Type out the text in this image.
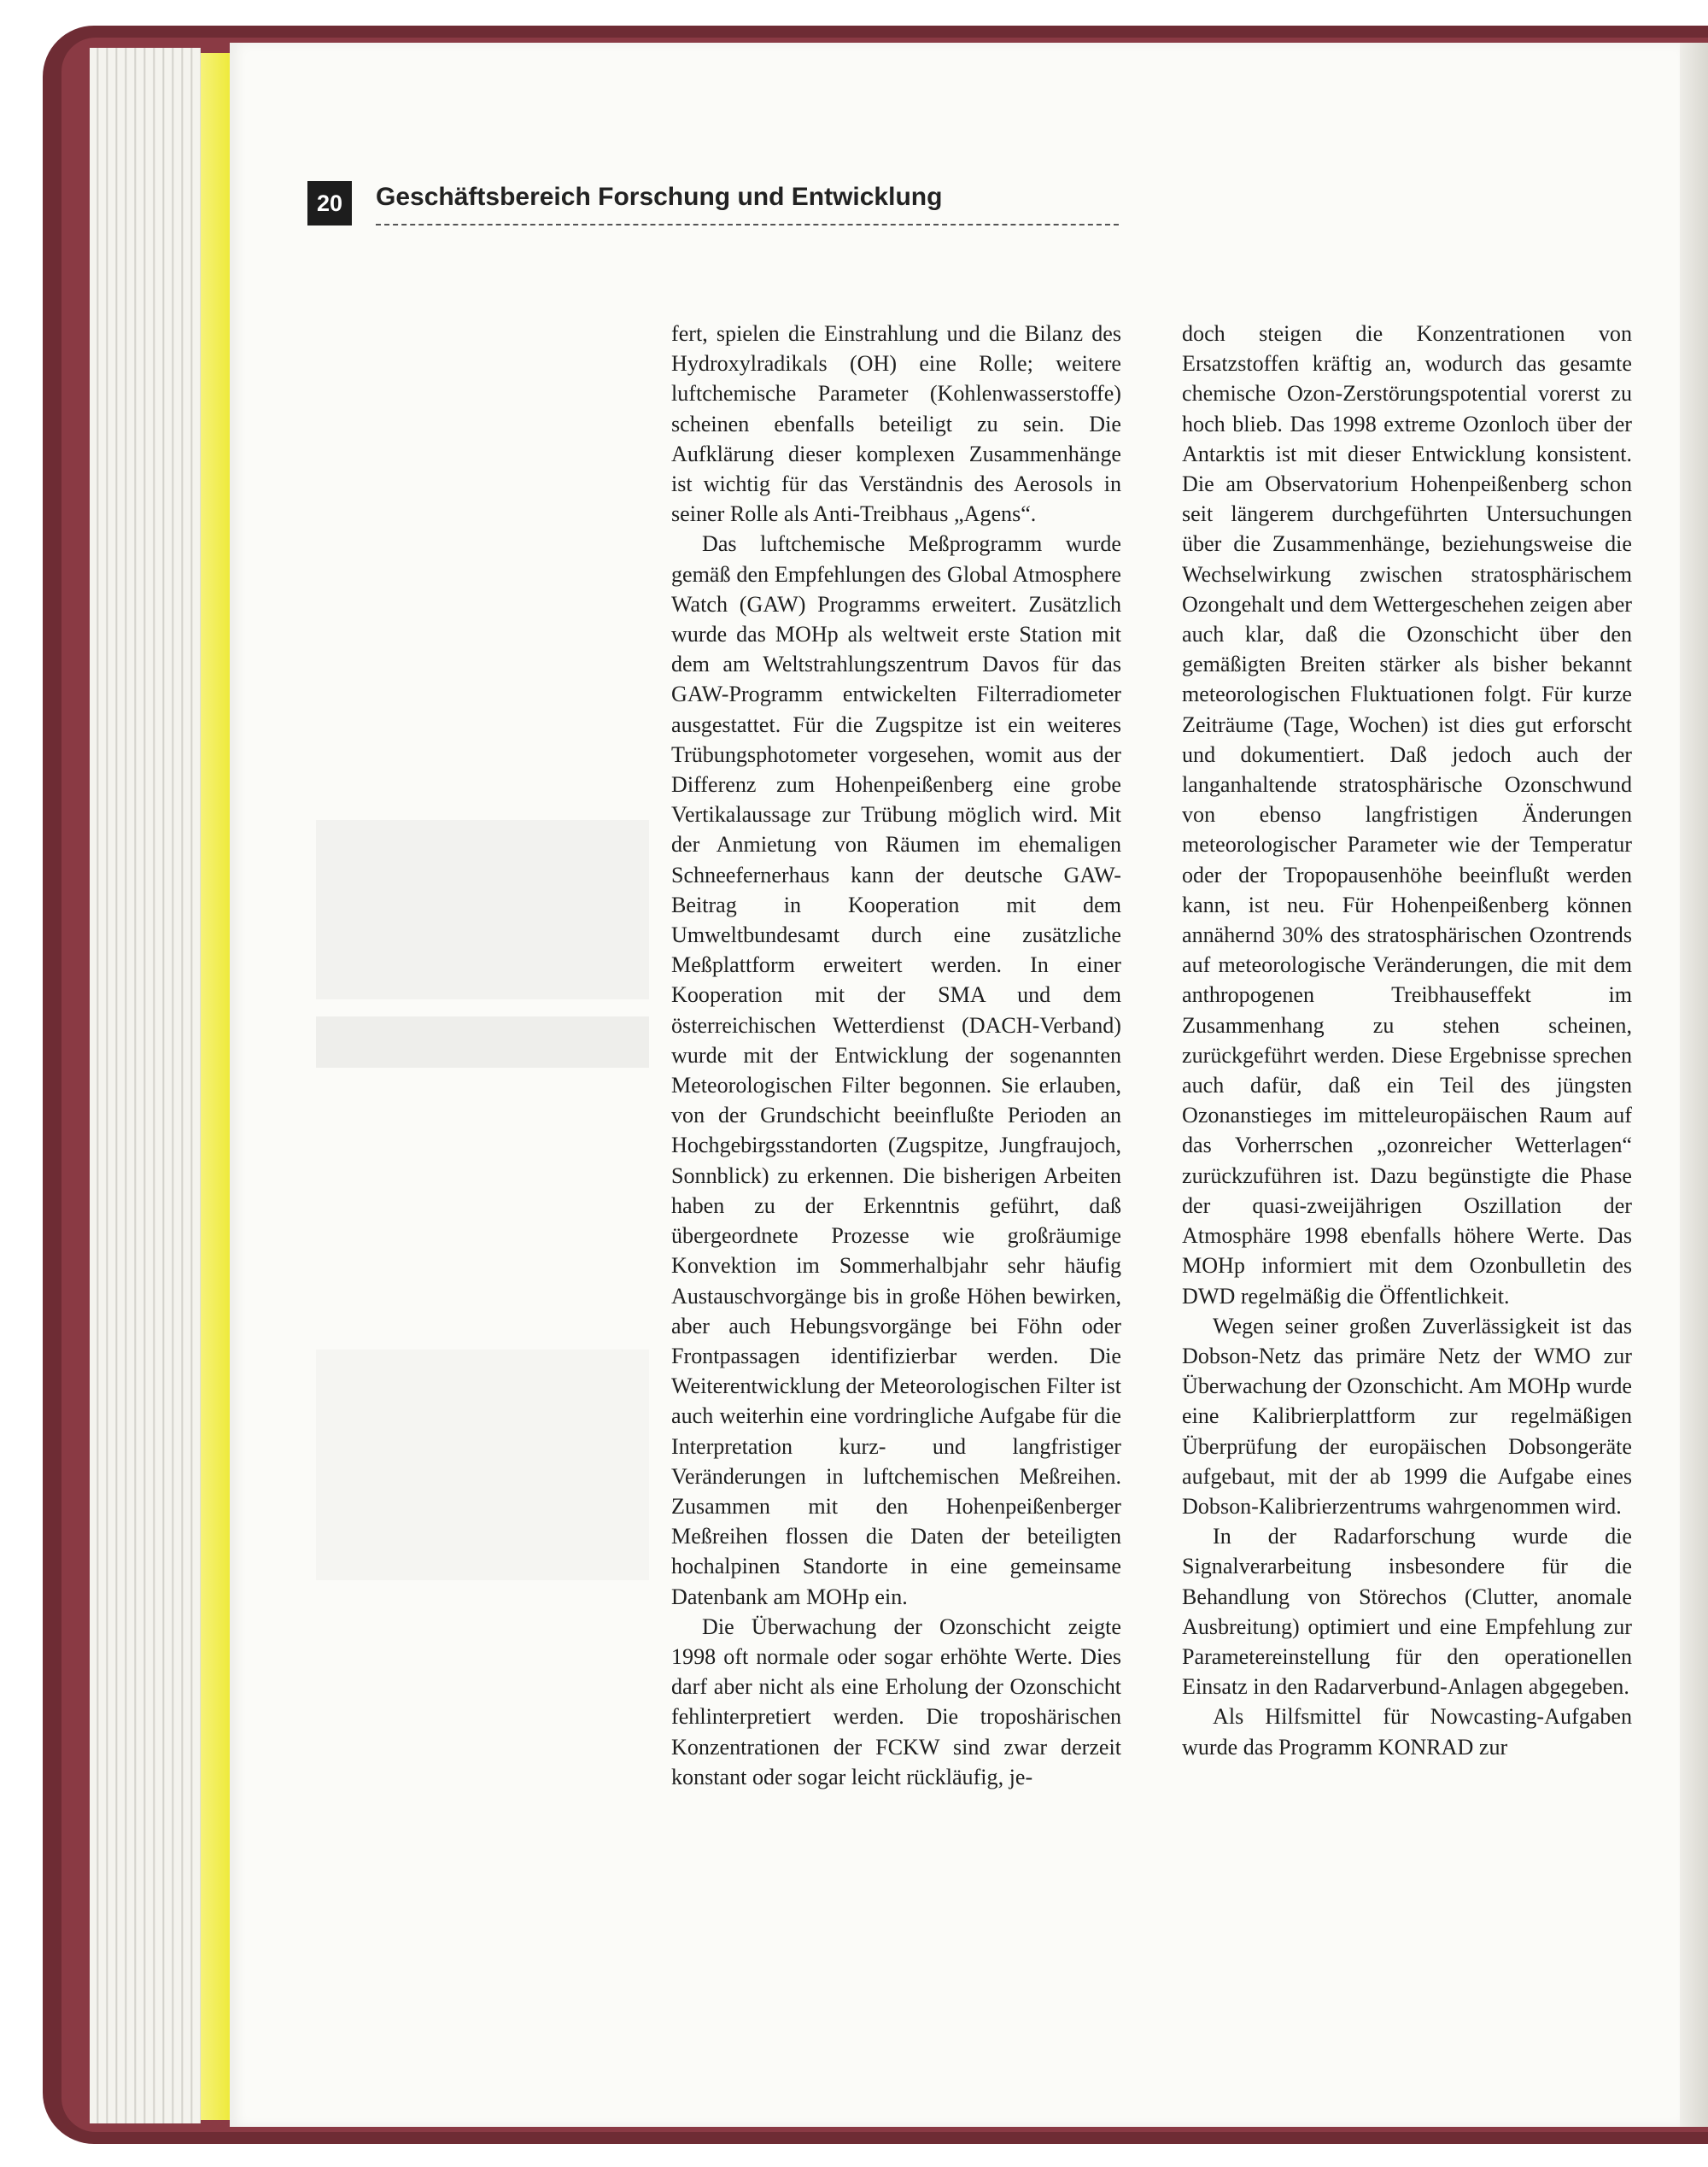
20	Geschäftsbereich Forschung und Entwicklung

fert, spielen die Einstrahlung und die Bilanz des Hydroxylradikals (OH) eine Rolle; weitere luftchemische Parameter (Kohlenwasserstoffe) scheinen ebenfalls beteiligt zu sein. Die Aufklärung dieser komplexen Zusammenhänge ist wichtig für das Verständnis des Aerosols in seiner Rolle als Anti-Treibhaus „Agens“.

Das luftchemische Meßprogramm wurde gemäß den Empfehlungen des Global Atmosphere Watch (GAW) Programms erweitert. Zusätzlich wurde das MOHp als weltweit erste Station mit dem am Weltstrahlungszentrum Davos für das GAW-Programm entwickelten Filterradiometer ausgestattet. Für die Zugspitze ist ein weiteres Trübungsphotometer vorgesehen, womit aus der Differenz zum Hohenpeißenberg eine grobe Vertikalaussage zur Trübung möglich wird. Mit der Anmietung von Räumen im ehemaligen Schneefernerhaus kann der deutsche GAW-Beitrag in Kooperation mit dem Umweltbundesamt durch eine zusätzliche Meßplattform erweitert werden. In einer Kooperation mit der SMA und dem österreichischen Wetterdienst (DACH-Verband) wurde mit der Entwicklung der sogenannten Meteorologischen Filter begonnen. Sie erlauben, von der Grundschicht beeinflußte Perioden an Hochgebirgsstandorten (Zugspitze, Jungfraujoch, Sonnblick) zu erkennen. Die bisherigen Arbeiten haben zu der Erkenntnis geführt, daß übergeordnete Prozesse wie großräumige Konvektion im Sommerhalbjahr sehr häufig Austauschvorgänge bis in große Höhen bewirken, aber auch Hebungsvorgänge bei Föhn oder Frontpassagen identifizierbar werden. Die Weiterentwicklung der Meteorologischen Filter ist auch weiterhin eine vordringliche Aufgabe für die Interpretation kurz- und langfristiger Veränderungen in luftchemischen Meßreihen. Zusammen mit den Hohenpeißenberger Meßreihen flossen die Daten der beteiligten hochalpinen Standorte in eine gemeinsame Datenbank am MOHp ein.

Die Überwachung der Ozonschicht zeigte 1998 oft normale oder sogar erhöhte Werte. Dies darf aber nicht als eine Erholung der Ozonschicht fehlinterpretiert werden. Die troposhärischen Konzentrationen der FCKW sind zwar derzeit konstant oder sogar leicht rückläufig, je-

doch steigen die Konzentrationen von Ersatzstoffen kräftig an, wodurch das gesamte chemische Ozon-Zerstörungspotential vorerst zu hoch blieb. Das 1998 extreme Ozonloch über der Antarktis ist mit dieser Entwicklung konsistent. Die am Observatorium Hohenpeißenberg schon seit längerem durchgeführten Untersuchungen über die Zusammenhänge, beziehungsweise die Wechselwirkung zwischen stratosphärischem Ozongehalt und dem Wettergeschehen zeigen aber auch klar, daß die Ozonschicht über den gemäßigten Breiten stärker als bisher bekannt meteorologischen Fluktuationen folgt. Für kurze Zeiträume (Tage, Wochen) ist dies gut erforscht und dokumentiert. Daß jedoch auch der langanhaltende stratosphärische Ozonschwund von ebenso langfristigen Änderungen meteorologischer Parameter wie der Temperatur oder der Tropopausenhöhe beeinflußt werden kann, ist neu. Für Hohenpeißenberg können annähernd 30% des stratosphärischen Ozontrends auf meteorologische Veränderungen, die mit dem anthropogenen Treibhauseffekt im Zusammenhang zu stehen scheinen, zurückgeführt werden. Diese Ergebnisse sprechen auch dafür, daß ein Teil des jüngsten Ozonanstieges im mitteleuropäischen Raum auf das Vorherrschen „ozonreicher Wetterlagen“ zurückzuführen ist. Dazu begünstigte die Phase der quasi-zweijährigen Oszillation der Atmosphäre 1998 ebenfalls höhere Werte. Das MOHp informiert mit dem Ozonbulletin des DWD regelmäßig die Öffentlichkeit.

Wegen seiner großen Zuverlässigkeit ist das Dobson-Netz das primäre Netz der WMO zur Überwachung der Ozonschicht. Am MOHp wurde eine Kalibrierplattform zur regelmäßigen Überprüfung der europäischen Dobsongeräte aufgebaut, mit der ab 1999 die Aufgabe eines Dobson-Kalibrierzentrums wahrgenommen wird.

In der Radarforschung wurde die Signalverarbeitung insbesondere für die Behandlung von Störechos (Clutter, anomale Ausbreitung) optimiert und eine Empfehlung zur Parametereinstellung für den operationellen Einsatz in den Radarverbund-Anlagen abgegeben.

Als Hilfsmittel für Nowcasting-Aufgaben wurde das Programm KONRAD zur
